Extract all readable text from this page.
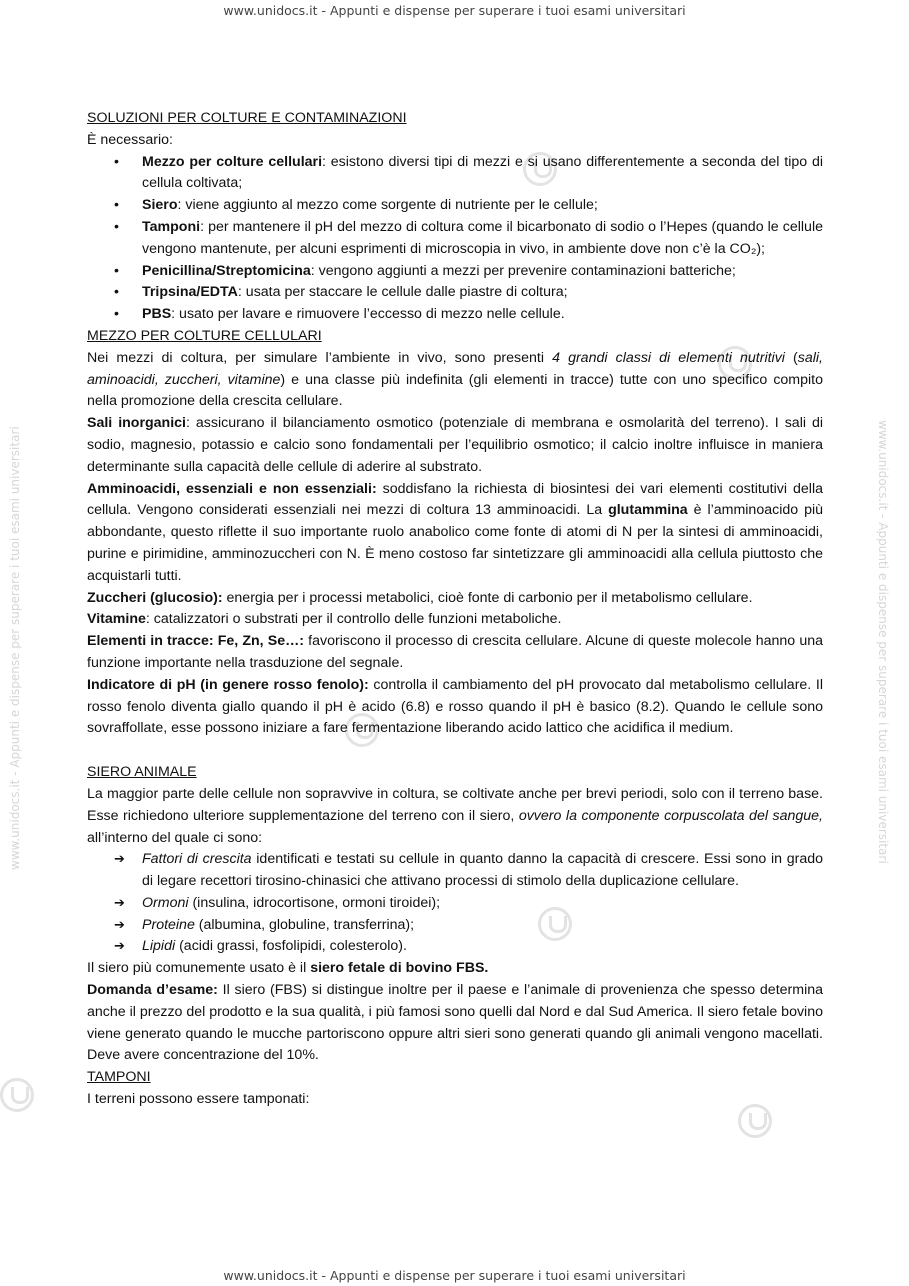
www.unidocs.it - Appunti e dispense per superare i tuoi esami universitari
www.unidocs.it - Appunti e dispense per superare i tuoi esami universitari
www.unidocs.it - Appunti e dispense per superare i tuoi esami universitari	www.unidocs.it - Appunti e dispense per superare i tuoi esami universitari

SOLUZIONI PER COLTURE E CONTAMINAZIONI

È necessario:

• Mezzo per colture cellulari: esistono diversi tipi di mezzi e si usano differentemente a seconda del tipo di cellula coltivata;
• Siero: viene aggiunto al mezzo come sorgente di nutriente per le cellule;
• Tamponi: per mantenere il pH del mezzo di coltura come il bicarbonato di sodio o l’Hepes (quando le cellule vengono mantenute, per alcuni esprimenti di microscopia in vivo, in ambiente dove non c’è la CO₂);
• Penicillina/Streptomicina: vengono aggiunti a mezzi per prevenire contaminazioni batteriche;
• Tripsina/EDTA: usata per staccare le cellule dalle piastre di coltura;
• PBS: usato per lavare e rimuovere l’eccesso di mezzo nelle cellule.

MEZZO PER COLTURE CELLULARI

Nei mezzi di coltura, per simulare l’ambiente in vivo, sono presenti 4 grandi classi di elementi nutritivi (sali, aminoacidi, zuccheri, vitamine) e una classe più indefinita (gli elementi in tracce) tutte con uno specifico compito nella promozione della crescita cellulare.

Sali inorganici: assicurano il bilanciamento osmotico (potenziale di membrana e osmolarità del terreno). I sali di sodio, magnesio, potassio e calcio sono fondamentali per l’equilibrio osmotico; il calcio inoltre influisce in maniera determinante sulla capacità delle cellule di aderire al substrato.

Amminoacidi, essenziali e non essenziali: soddisfano la richiesta di biosintesi dei vari elementi costitutivi della cellula. Vengono considerati essenziali nei mezzi di coltura 13 amminoacidi. La glutammina è l’amminoacido più abbondante, questo riflette il suo importante ruolo anabolico come fonte di atomi di N per la sintesi di amminoacidi, purine e pirimidine, amminozuccheri con N. È meno costoso far sintetizzare gli amminoacidi alla cellula piuttosto che acquistarli tutti.

Zuccheri (glucosio): energia per i processi metabolici, cioè fonte di carbonio per il metabolismo cellulare.

Vitamine: catalizzatori o substrati per il controllo delle funzioni metaboliche.

Elementi in tracce: Fe, Zn, Se…: favoriscono il processo di crescita cellulare. Alcune di queste molecole hanno una funzione importante nella trasduzione del segnale.

Indicatore di pH (in genere rosso fenolo): controlla il cambiamento del pH provocato dal metabolismo cellulare. Il rosso fenolo diventa giallo quando il pH è acido (6.8) e rosso quando il pH è basico (8.2). Quando le cellule sono sovraffollate, esse possono iniziare a fare fermentazione liberando acido lattico che acidifica il medium.

SIERO ANIMALE

La maggior parte delle cellule non sopravvive in coltura, se coltivate anche per brevi periodi, solo con il terreno base. Esse richiedono ulteriore supplementazione del terreno con il siero, ovvero la componente corpuscolata del sangue, all’interno del quale ci sono:

➔ Fattori di crescita identificati e testati su cellule in quanto danno la capacità di crescere. Essi sono in grado di legare recettori tirosino-chinasici che attivano processi di stimolo della duplicazione cellulare.
➔ Ormoni (insulina, idrocortisone, ormoni tiroidei);
➔ Proteine (albumina, globuline, transferrina);
➔ Lipidi (acidi grassi, fosfolipidi, colesterolo).

Il siero più comunemente usato è il siero fetale di bovino FBS.

Domanda d’esame: Il siero (FBS) si distingue inoltre per il paese e l’animale di provenienza che spesso determina anche il prezzo del prodotto e la sua qualità, i più famosi sono quelli dal Nord e dal Sud America. Il siero fetale bovino viene generato quando le mucche partoriscono oppure altri sieri sono generati quando gli animali vengono macellati. Deve avere concentrazione del 10%.

TAMPONI

I terreni possono essere tamponati:
